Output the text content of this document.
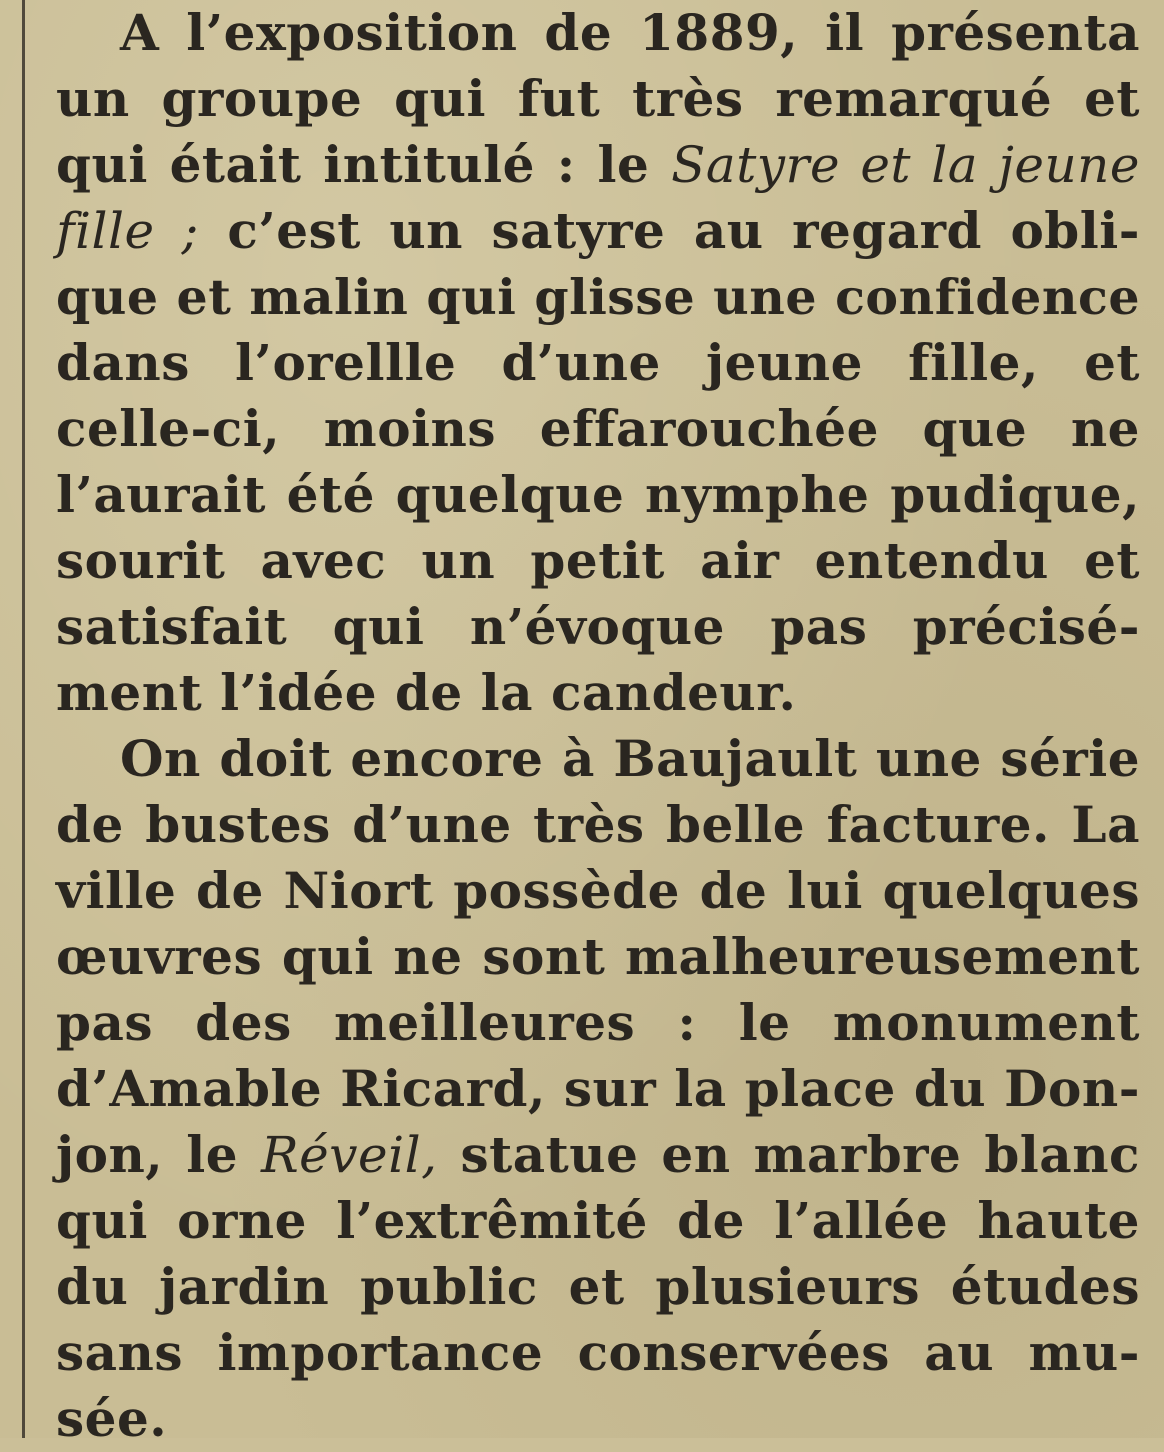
A l’exposition de 1889, il présenta
un groupe qui fut très remarqué et
qui était intitulé : le Satyre et la jeune
fille ; c’est un satyre au regard obli-
que et malin qui glisse une confidence
dans l’orellle d’une jeune fille, et
celle-ci, moins effarouchée que ne
l’aurait été quelque nymphe pudique,
sourit avec un petit air entendu et
satisfait qui n’évoque pas précisé-
ment l’idée de la candeur.
On doit encore à Baujault une série
de bustes d’une très belle facture. La
ville de Niort possède de lui quelques
œuvres qui ne sont malheureusement
pas des meilleures : le monument
d’Amable Ricard, sur la place du Don-
jon, le Réveil, statue en marbre blanc
qui orne l’extrêmité de l’allée haute
du jardin public et plusieurs études
sans importance conservées au mu-
sée.
